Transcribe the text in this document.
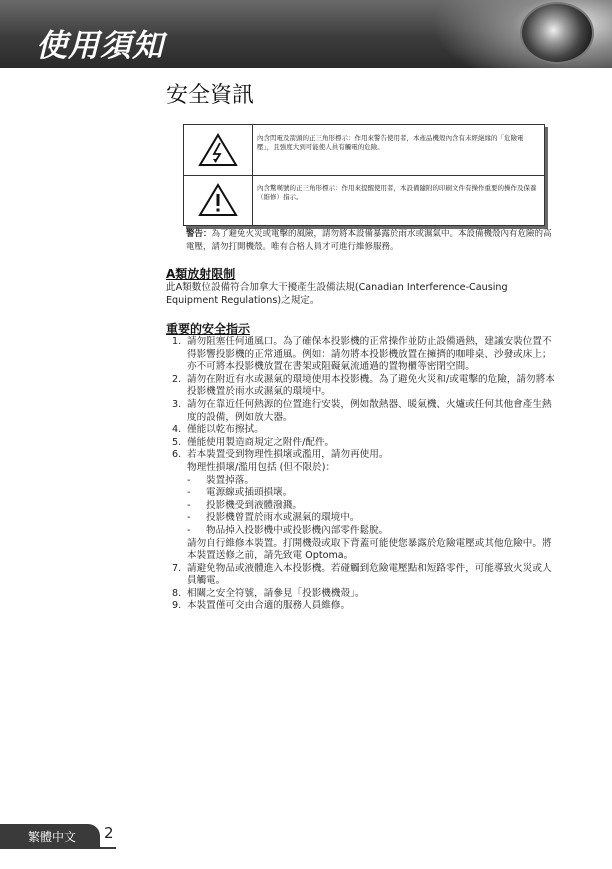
使用須知
安全資訊
內含閃電及箭頭的正三角形標示：作用來警告使用者，本產品機殼內含有未經絕緣的「危險電壓」，且強度大到可能使人員有觸電的危險。
內含驚嘆號的正三角形標示：作用來提醒使用者，本設備隨附的印刷文件有操作重要的操作及保養（維修）指示。
警告：為了避免火災或電擊的風險，請勿將本設備暴露於雨水或濕氣中。本設備機殼內有危險的高電壓，請勿打開機殼。唯有合格人員才可進行維修服務。
A類放射限制
此A類數位設備符合加拿大干擾產生設備法規(Canadian Interference-Causing Equipment Regulations)之規定。
重要的安全指示
1. 請勿阻塞任何通風口。為了確保本投影機的正常操作並防止設備過熱，建議安裝位置不得影響投影機的正常通風。例如：請勿將本投影機放置在擁擠的咖啡桌、沙發或床上；亦不可將本投影機放置在書架或阻礙氣流通過的置物櫃等密閉空間。
2. 請勿在附近有水或濕氣的環境使用本投影機。為了避免火災和/或電擊的危險，請勿將本投影機置於雨水或濕氣的環境中。
3. 請勿在靠近任何熱源的位置進行安裝，例如散熱器、暖氣機、火爐或任何其他會產生熱度的設備，例如放大器。
4. 僅能以乾布擦拭。
5. 僅能使用製造商規定之附件/配件。
6. 若本裝置受到物理性損壞或濫用，請勿再使用。
物理性損壞/濫用包括 (但不限於)：
- 裝置掉落。
- 電源線或插頭損壞。
- 投影機受到液體潑濺。
- 投影機曾置於雨水或濕氣的環境中。
- 物品掉入投影機中或投影機內部零件鬆脫。
請勿自行維修本裝置。打開機殼或取下背蓋可能使您暴露於危險電壓或其他危險中。將本裝置送修之前，請先致電 Optoma。
7. 請避免物品或液體進入本投影機。若碰觸到危險電壓點和短路零件，可能導致火災或人員觸電。
8. 相關之安全符號，請參見「投影機機殼」。
9. 本裝置僅可交由合適的服務人員維修。
繁體中文 2
